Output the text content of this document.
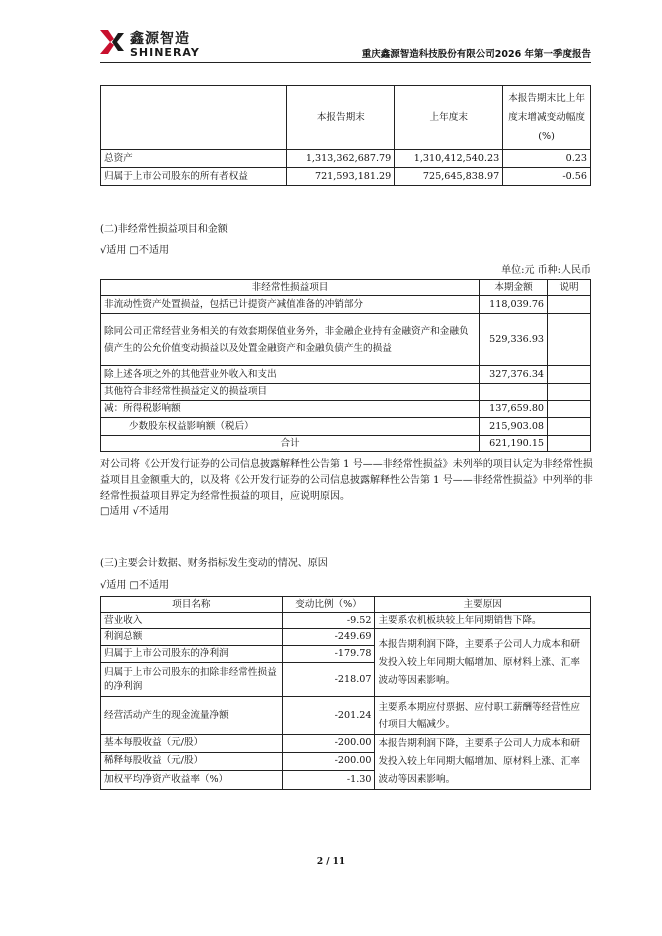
鑫源智造
SHINERAY	重庆鑫源智造科技股份有限公司2026 年第一季度报告
	本报告期末	上年度末	本报告期末比上年度末增减变动幅度(%)
总资产	1,313,362,687.79	1,310,412,540.23	0.23
归属于上市公司股东的所有者权益	721,593,181.29	725,645,838.97	-0.56
(二)非经常性损益项目和金额
√适用 □不适用
单位:元 币种:人民币
非经常性损益项目	本期金额	说明
非流动性资产处置损益，包括已计提资产减值准备的冲销部分	118,039.76	
除同公司正常经营业务相关的有效套期保值业务外，非金融企业持有金融资产和金融负债产生的公允价值变动损益以及处置金融资产和金融负债产生的损益	529,336.93	
除上述各项之外的其他营业外收入和支出	327,376.34	
其他符合非经常性损益定义的损益项目		
减：所得税影响额	137,659.80	
少数股东权益影响额（税后）	215,903.08	
合计	621,190.15	
对公司将《公开发行证券的公司信息披露解释性公告第 1 号——非经常性损益》未列举的项目认定为非经常性损益项目且金额重大的，以及将《公开发行证券的公司信息披露解释性公告第 1 号——非经常性损益》中列举的非经常性损益项目界定为经常性损益的项目，应说明原因。
□适用 √不适用
(三)主要会计数据、财务指标发生变动的情况、原因
√适用 □不适用
项目名称	变动比例（%）	主要原因
营业收入	-9.52	主要系农机板块较上年同期销售下降。
利润总额	-249.69	本报告期利润下降，主要系子公司人力成本和研发投入较上年同期大幅增加、原材料上涨、汇率波动等因素影响。
归属于上市公司股东的净利润	-179.78	
归属于上市公司股东的扣除非经常性损益的净利润	-218.07	
经营活动产生的现金流量净额	-201.24	主要系本期应付票据、应付职工薪酬等经营性应付项目大幅减少。
基本每股收益（元/股）	-200.00	本报告期利润下降，主要系子公司人力成本和研发投入较上年同期大幅增加、原材料上涨、汇率波动等因素影响。
稀释每股收益（元/股）	-200.00	
加权平均净资产收益率（%）	-1.30	
2 / 11
